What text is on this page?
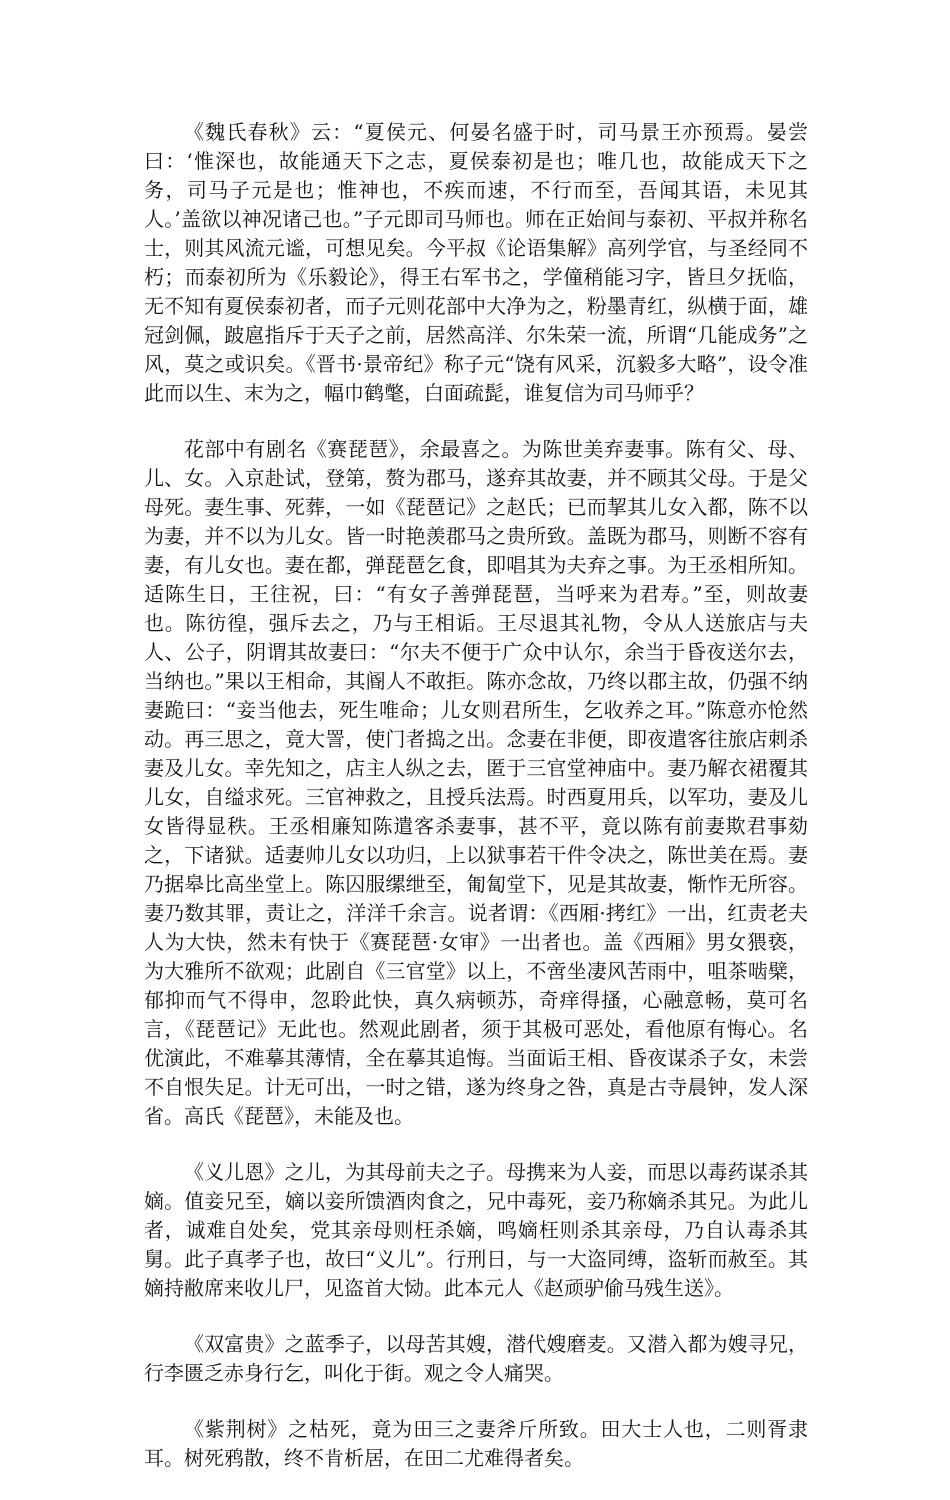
《魏氏春秋》云：“夏侯元、何晏名盛于时，司马景王亦预焉。晏尝曰：‘惟深也，故能通天下之志，夏侯泰初是也；唯几也，故能成天下之务，司马子元是也；惟神也，不疾而速，不行而至，吾闻其语，未见其人。’盖欲以神况诸己也。”子元即司马师也。师在正始间与泰初、平叔并称名士，则其风流元谧，可想见矣。今平叔《论语集解》高列学官，与圣经同不朽；而泰初所为《乐毅论》，得王右军书之，学僮稍能习字，皆旦夕抚临，无不知有夏侯泰初者，而子元则花部中大净为之，粉墨青红，纵横于面，雄冠剑佩，跛扈指斥于天子之前，居然高洋、尔朱荣一流，所谓“几能成务”之风，莫之或识矣。《晋书·景帝纪》称子元“饶有风采，沉毅多大略”，设令准此而以生、末为之，幅巾鹤氅，白面疏髭，谁复信为司马师乎？

花部中有剧名《赛琵琶》，余最喜之。为陈世美弃妻事。陈有父、母、儿、女。入京赴试，登第，赘为郡马，遂弃其故妻，并不顾其父母。于是父母死。妻生事、死葬，一如《琵琶记》之赵氏；已而挈其儿女入都，陈不以为妻，并不以为儿女。皆一时艳羡郡马之贵所致。盖既为郡马，则断不容有妻，有儿女也。妻在都，弹琵琶乞食，即唱其为夫弃之事。为王丞相所知。适陈生日，王往祝，曰：“有女子善弹琵琶，当呼来为君寿。”至，则故妻也。陈彷徨，强斥去之，乃与王相诟。王尽退其礼物，令从人送旅店与夫人、公子，阴谓其故妻曰：“尔夫不便于广众中认尔，余当于昏夜送尔去，当纳也。”果以王相命，其阍人不敢拒。陈亦念故，乃终以郡主故，仍强不纳妻跪曰：“妾当他去，死生唯命；儿女则君所生，乞收养之耳。”陈意亦怆然动。再三思之，竟大詈，使门者捣之出。念妻在非便，即夜遣客往旅店刺杀妻及儿女。幸先知之，店主人纵之去，匿于三官堂神庙中。妻乃解衣裙覆其儿女，自缢求死。三官神救之，且授兵法焉。时西夏用兵，以军功，妻及儿女皆得显秩。王丞相廉知陈遣客杀妻事，甚不平，竟以陈有前妻欺君事劾之，下诸狱。适妻帅儿女以功归，上以狱事若干件令决之，陈世美在焉。妻乃据皋比高坐堂上。陈囚服缧绁至，匍匐堂下，见是其故妻，惭怍无所容。妻乃数其罪，责让之，洋洋千余言。说者谓：《西厢·拷红》一出，红责老夫人为大快，然未有快于《赛琵琶·女审》一出者也。盖《西厢》男女猥亵，为大雅所不欲观；此剧自《三官堂》以上，不啻坐凄风苦雨中，咀茶啮檗，郁抑而气不得申，忽聆此快，真久病顿苏，奇痒得搔，心融意畅，莫可名言，《琵琶记》无此也。然观此剧者，须于其极可恶处，看他原有悔心。名优演此，不难摹其薄情，全在摹其追悔。当面诟王相、昏夜谋杀子女，未尝不自恨失足。计无可出，一时之错，遂为终身之咎，真是古寺晨钟，发人深省。高氏《琵琶》，未能及也。

《义儿恩》之儿，为其母前夫之子。母携来为人妾，而思以毒药谋杀其嫡。值妾兄至，嫡以妾所馈酒肉食之，兄中毒死，妾乃称嫡杀其兄。为此儿者，诚难自处矣，党其亲母则枉杀嫡，鸣嫡枉则杀其亲母，乃自认毒杀其舅。此子真孝子也，故曰“义儿”。行刑日，与一大盗同缚，盗斩而赦至。其嫡持敝席来收儿尸，见盗首大恸。此本元人《赵顽驴偷马残生送》。

《双富贵》之蓝季子，以母苦其嫂，潜代嫂磨麦。又潜入都为嫂寻兄，行李匮乏赤身行乞，叫化于街。观之令人痛哭。

《紫荆树》之枯死，竟为田三之妻斧斤所致。田大士人也，二则胥隶耳。树死鸦散，终不肯析居，在田二尤难得者矣。
